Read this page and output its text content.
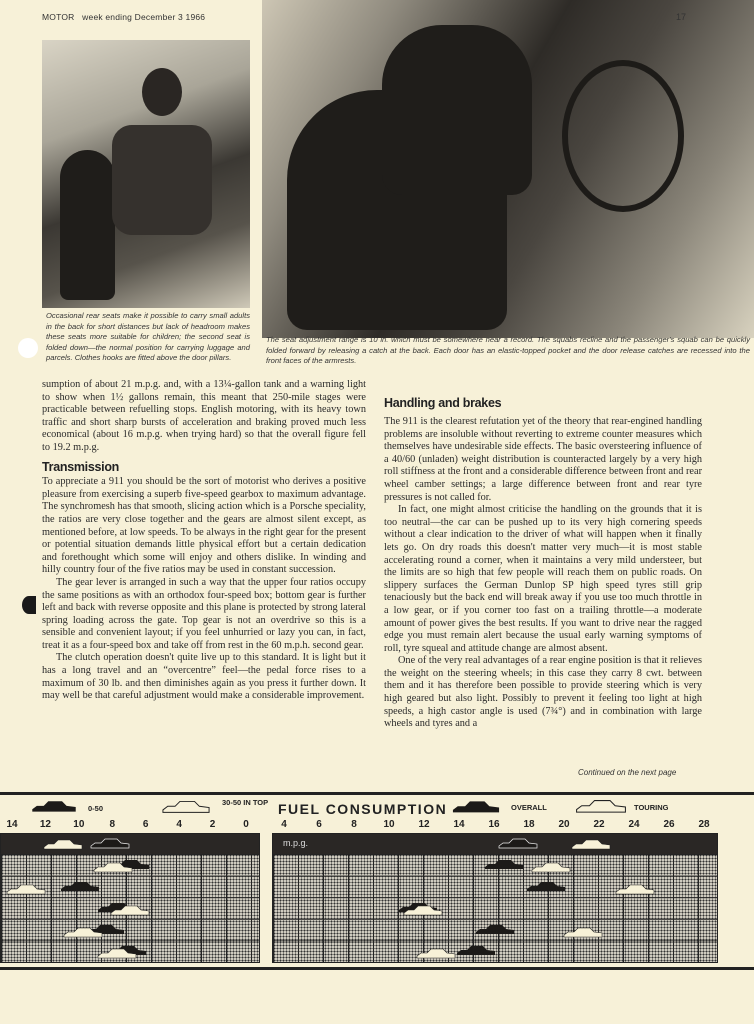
MOTOR week ending December 3 1966	17
Occasional rear seats make it possible to carry small adults in the back for short distances but lack of headroom makes these seats more suitable for children; the second seat is folded down—the normal position for carrying luggage and parcels. Clothes hooks are fitted above the door pillars.
The seat adjustment range is 10 in. which must be somewhere near a record. The squabs recline and the passenger's squab can be quickly folded forward by releasing a catch at the back. Each door has an elastic-topped pocket and the door release catches are recessed into the front faces of the armrests.

sumption of about 21 m.p.g. and, with a 13¼-gallon tank and a warning light to show when 1½ gallons remain, this meant that 250-mile stages were practicable between refuelling stops. English motoring, with its heavy town traffic and short sharp bursts of acceleration and braking proved much less economical (about 16 m.p.g. when trying hard) so that the overall figure fell to 19.2 m.p.g.

Transmission

To appreciate a 911 you should be the sort of motorist who derives a positive pleasure from exercising a superb five-speed gearbox to maximum advantage. The synchromesh has that smooth, slicing action which is a Porsche speciality, the ratios are very close together and the gears are almost silent except, as mentioned before, at low speeds. To be always in the right gear for the present or potential situation demands little physical effort but a certain dedication and forethought which some will enjoy and others dislike. In winding and hilly country four of the five ratios may be used in constant succession.

The gear lever is arranged in such a way that the upper four ratios occupy the same positions as with an orthodox four-speed box; bottom gear is further left and back with reverse opposite and this plane is protected by strong lateral spring loading across the gate. Top gear is not an overdrive so this is a sensible and convenient layout; if you feel unhurried or lazy you can, in fact, treat it as a four-speed box and take off from rest in the 60 m.p.h. second gear.

The clutch operation doesn't quite live up to this standard. It is light but it has a long travel and an “overcentre” feel—the pedal force rises to a maximum of 30 lb. and then diminishes again as you press it further down. It may well be that careful adjustment would make a considerable improvement.

Handling and brakes

The 911 is the clearest refutation yet of the theory that rear-engined handling problems are insoluble without reverting to extreme counter measures which themselves have undesirable side effects. The basic oversteering influence of a 40/60 (unladen) weight distribution is counteracted largely by a very high roll stiffness at the front and a considerable difference between front and rear wheel camber settings; a large difference between front and rear tyre pressures is not called for.

In fact, one might almost criticise the handling on the grounds that it is too neutral—the car can be pushed up to its very high cornering speeds without a clear indication to the driver of what will happen when it finally lets go. On dry roads this doesn't matter very much—it is most stable accelerating round a corner, when it maintains a very mild understeer, but the limits are so high that few people will reach them on public roads. On slippery surfaces the German Dunlop SP high speed tyres still grip tenaciously but the back end will break away if you use too much throttle in a low gear, or if you corner too fast on a trailing throttle—a moderate amount of power gives the best results. If you want to drive near the ragged edge you must remain alert because the usual early warning symptoms of roll, tyre squeal and attitude change are almost absent.

One of the very real advantages of a rear engine position is that it relieves the weight on the steering wheels; in this case they carry 8 cwt. between them and it has therefore been possible to provide steering which is very high geared but also light. Possibly to prevent it feeling too light at high speeds, a high castor angle is used (7¾°) and in combination with large wheels and tyres and a

Continued on the next page
FUEL CONSUMPTION
0-50
30-50 IN TOP
OVERALL	TOURING
14 12 10	8	6	4	2	0	4	6	8	10 12 14 16 18 20 22 24 26 28
m.p.g.
